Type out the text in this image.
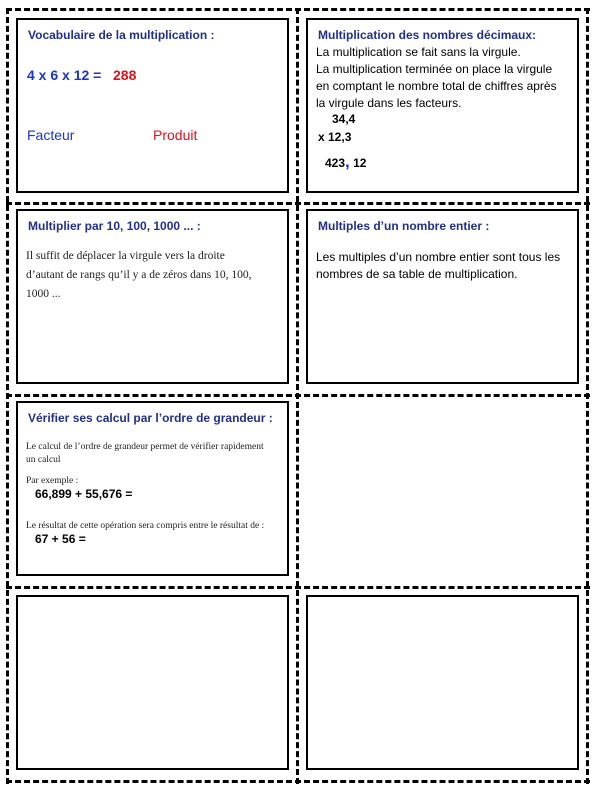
Vocabulaire de la multiplication :
4 x 6 x 12 = 288
Facteur	Produit
Multiplication des nombres décimaux:
La multiplication se fait sans la virgule.
La multiplication terminée on place la virgule
en comptant le nombre total de chiffres après
la virgule dans les facteurs.
34,4
x 12,3
423, 12
Multiplier par 10, 100, 1000 ... :
Il suffit de déplacer la virgule vers la droite
d’autant de rangs qu’il y a de zéros dans 10, 100,
1000 ...
Multiples d’un nombre entier :
Les multiples d’un nombre entier sont tous les
nombres de sa table de multiplication.
Vérifier ses calcul par l’ordre de grandeur :
Le calcul de l’ordre de grandeur permet de vérifier rapidement
un calcul
Par exemple :
66,899 + 55,676 =
Le résultat de cette opération sera compris entre le résultat de :
67 + 56 =
